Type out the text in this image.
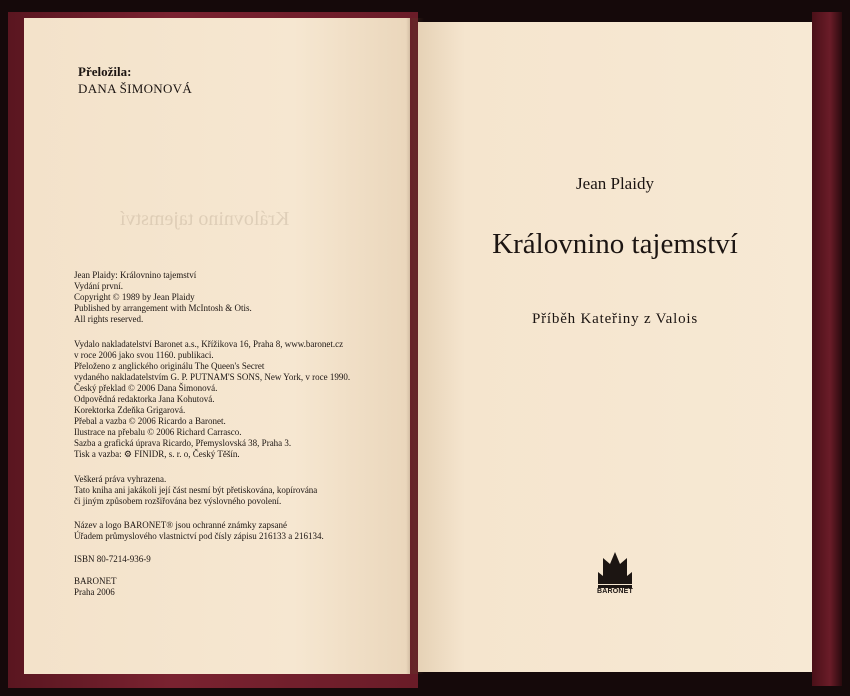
Královnino tajemství
Přeložila:
DANA ŠIMONOVÁ
Jean Plaidy: Královnino tajemství
Vydání první.
Copyright © 1989 by Jean Plaidy
Published by arrangement with McIntosh & Otis.
All rights reserved.
Vydalo nakladatelství Baronet a.s., Křížikova 16, Praha 8, www.baronet.cz
v roce 2006 jako svou 1160. publikaci.
Přeloženo z anglického originálu The Queen's Secret
vydaného nakladatelstvím G. P. PUTNAM'S SONS, New York, v roce 1990.
Český překlad © 2006 Dana Šimonová.
Odpovědná redaktorka Jana Kohutová.
Korektorka Zdeňka Grigarová.
Přebal a vazba © 2006 Ricardo a Baronet.
Ilustrace na přebalu © 2006 Richard Carrasco.
Sazba a grafická úprava Ricardo, Přemyslovská 38, Praha 3.
Tisk a vazba: ⚙ FINIDR, s. r. o, Český Těšín.
Veškerá práva vyhrazena.
Tato kniha ani jakákoli její část nesmí být přetiskována, kopírována
či jiným způsobem rozšiřována bez výslovného povolení.
Název a logo BARONET® jsou ochranné známky zapsané
Úřadem průmyslového vlastnictví pod čísly zápisu 216133 a 216134.
ISBN 80-7214-936-9
BARONET
Praha 2006
Jean Plaidy
Královnino tajemství
Příběh Kateřiny z Valois
BARONET
